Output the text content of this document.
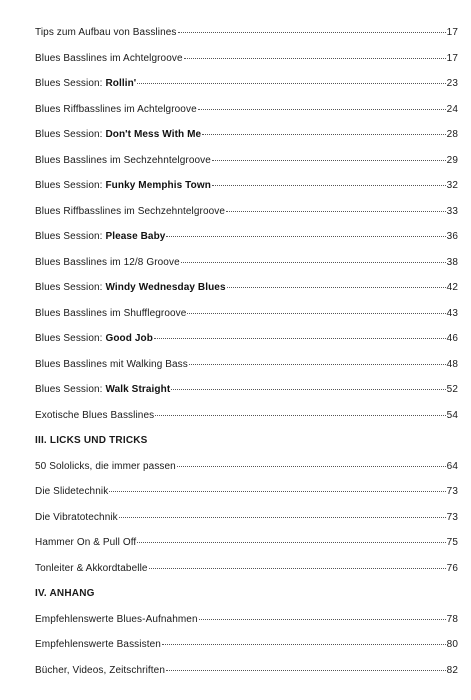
Tips zum Aufbau von Basslines	17
Blues Basslines im Achtelgroove	17
Blues Session: Rollin'	23
Blues Riffbasslines im Achtelgroove	24
Blues Session: Don't Mess With Me	28
Blues Basslines im Sechzehntelgroove	29
Blues Session: Funky Memphis Town	32
Blues Riffbasslines im Sechzehntelgroove	33
Blues Session: Please Baby	36
Blues Basslines im 12/8 Groove	38
Blues Session: Windy Wednesday Blues	42
Blues Basslines im Shufflegroove	43
Blues Session: Good Job	46
Blues Basslines mit Walking Bass	48
Blues Session: Walk Straight	52
Exotische Blues Basslines	54
III. LICKS UND TRICKS
50 Sololicks, die immer passen	64
Die Slidetechnik	73
Die Vibratotechnik	73
Hammer On & Pull Off	75
Tonleiter & Akkordtabelle	76
IV. ANHANG
Empfehlenswerte Blues-Aufnahmen	78
Empfehlenswerte Bassisten	80
Bücher, Videos, Zeitschriften	82
